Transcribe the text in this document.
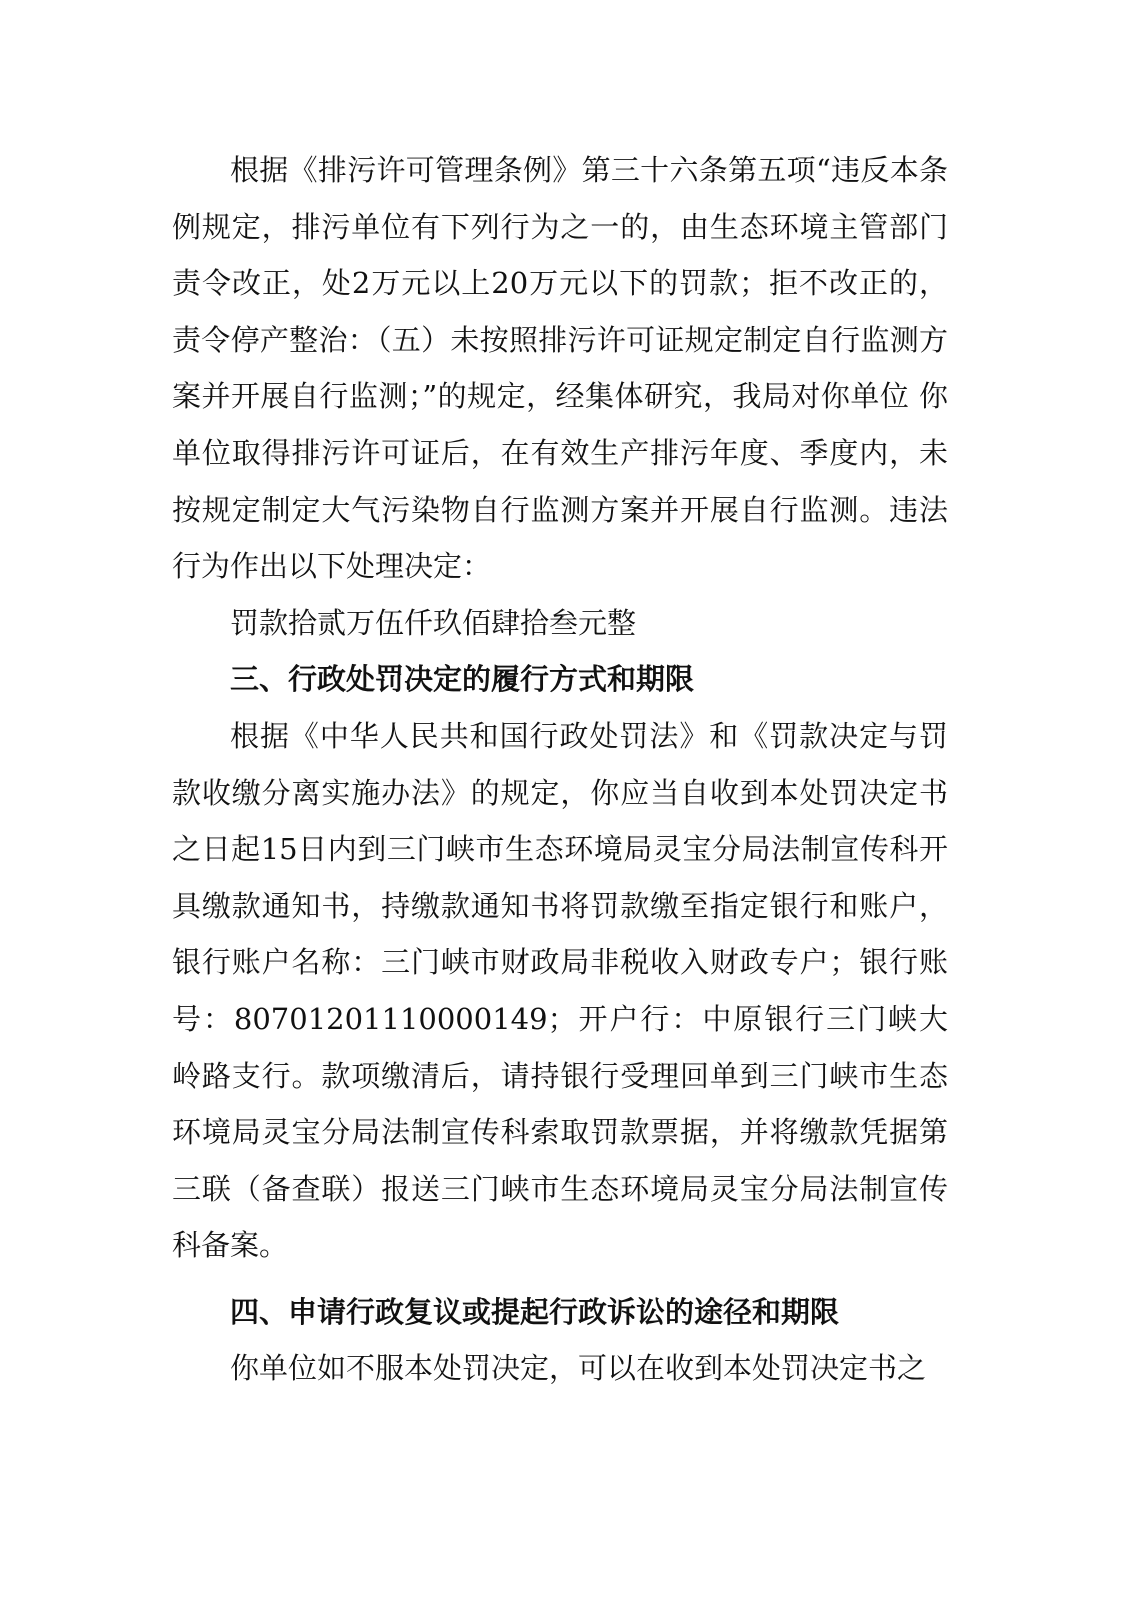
根据《排污许可管理条例》第三十六条第五项“违反本条例规定，排污单位有下列行为之一的，由生态环境主管部门责令改正，处2万元以上20万元以下的罚款；拒不改正的，责令停产整治：（五）未按照排污许可证规定制定自行监测方案并开展自行监测；”的规定，经集体研究，我局对你单位 你单位取得排污许可证后，在有效生产排污年度、季度内，未按规定制定大气污染物自行监测方案并开展自行监测。违法行为作出以下处理决定：

罚款拾贰万伍仟玖佰肆拾叁元整

三、行政处罚决定的履行方式和期限

根据《中华人民共和国行政处罚法》和《罚款决定与罚款收缴分离实施办法》的规定，你应当自收到本处罚决定书之日起15日内到三门峡市生态环境局灵宝分局法制宣传科开具缴款通知书，持缴款通知书将罚款缴至指定银行和账户，银行账户名称：三门峡市财政局非税收入财政专户；银行账号：80701201110000149；开户行：中原银行三门峡大岭路支行。款项缴清后，请持银行受理回单到三门峡市生态环境局灵宝分局法制宣传科索取罚款票据，并将缴款凭据第三联（备查联）报送三门峡市生态环境局灵宝分局法制宣传科备案。

四、申请行政复议或提起行政诉讼的途径和期限

你单位如不服本处罚决定，可以在收到本处罚决定书之
